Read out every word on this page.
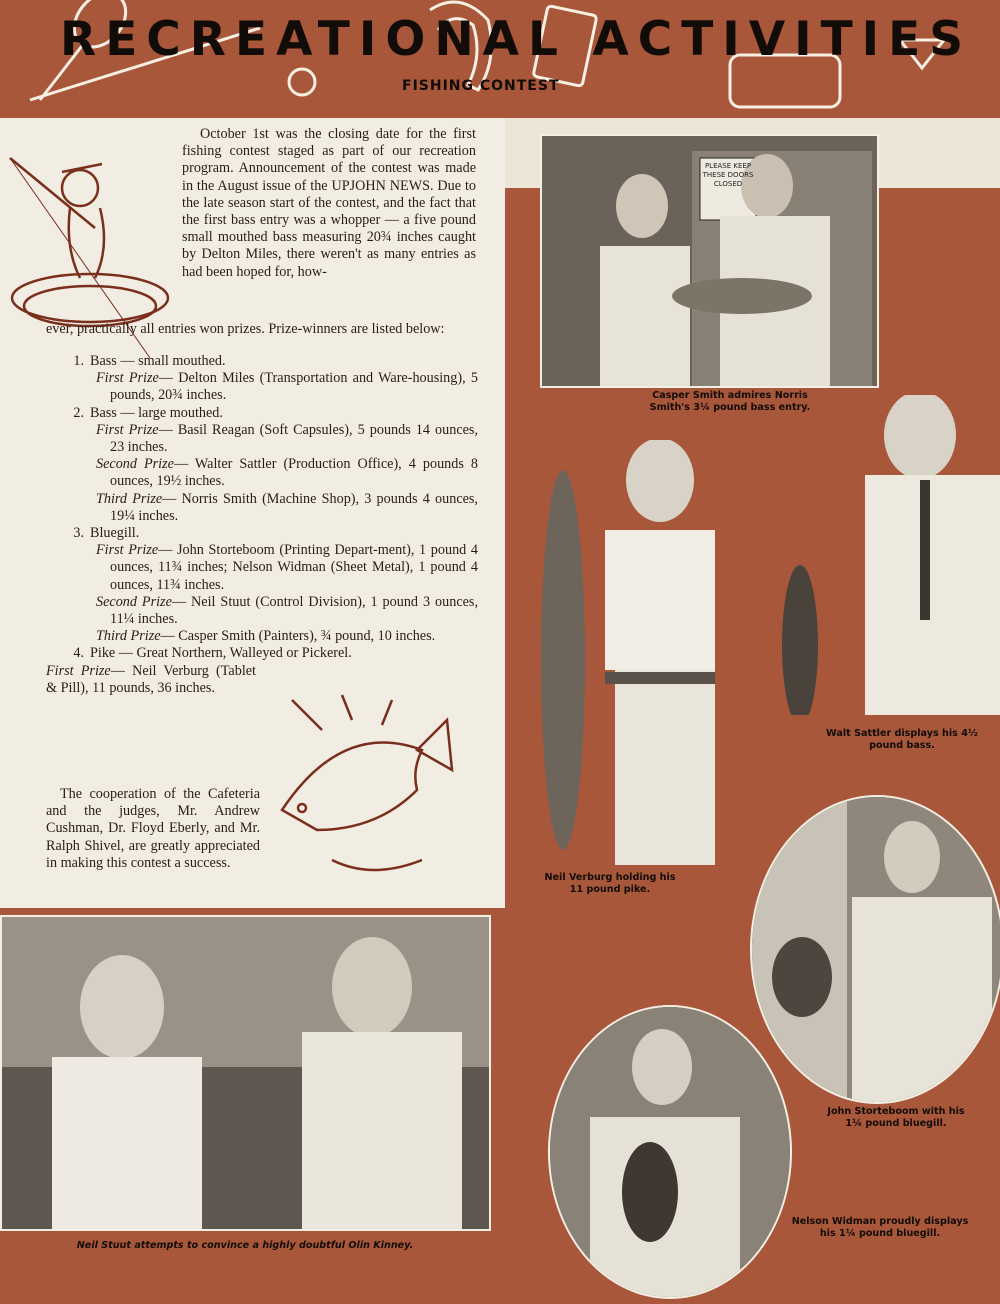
RECREATIONAL ACTIVITIES
FISHING CONTEST
October 1st was the closing date for the first fishing contest staged as part of our recreation program. Announcement of the contest was made in the August issue of the UPJOHN NEWS. Due to the late season start of the contest, and the fact that the first bass entry was a whopper — a five pound small mouthed bass measuring 20¾ inches caught by Delton Miles, there weren't as many entries as had been hoped for, how-
ever, practically all entries won prizes. Prize-winners are listed below:
1. Bass — small mouthed.
First Prize— Delton Miles (Transportation and Ware-housing), 5 pounds, 20¾ inches.
2. Bass — large mouthed.
First Prize— Basil Reagan (Soft Capsules), 5 pounds 14 ounces, 23 inches.
Second Prize— Walter Sattler (Production Office), 4 pounds 8 ounces, 19½ inches.
Third Prize— Norris Smith (Machine Shop), 3 pounds 4 ounces, 19¼ inches.
3. Bluegill.
First Prize— John Storteboom (Printing Depart-ment), 1 pound 4 ounces, 11¾ inches; Nelson Widman (Sheet Metal), 1 pound 4 ounces, 11¾ inches.
Second Prize— Neil Stuut (Control Division), 1 pound 3 ounces, 11¼ inches.
Third Prize— Casper Smith (Painters), ¾ pound, 10 inches.
4. Pike — Great Northern, Walleyed or Pickerel.
First Prize— Neil Verburg (Tablet & Pill), 11 pounds, 36 inches.
The cooperation of the Cafeteria and the judges, Mr. Andrew Cushman, Dr. Floyd Eberly, and Mr. Ralph Shivel, are greatly appreciated in making this contest a success.
PLEASE KEEP THESE DOORS CLOSED
Casper Smith admires Norris Smith's 3¼ pound bass entry.
Walt Sattler displays his 4½ pound bass.
Neil Verburg holding his 11 pound pike.
John Storteboom with his 1¼ pound bluegill.
Nelson Widman proudly displays his 1¼ pound bluegill.
Neil Stuut attempts to convince a highly doubtful Olin Kinney.
